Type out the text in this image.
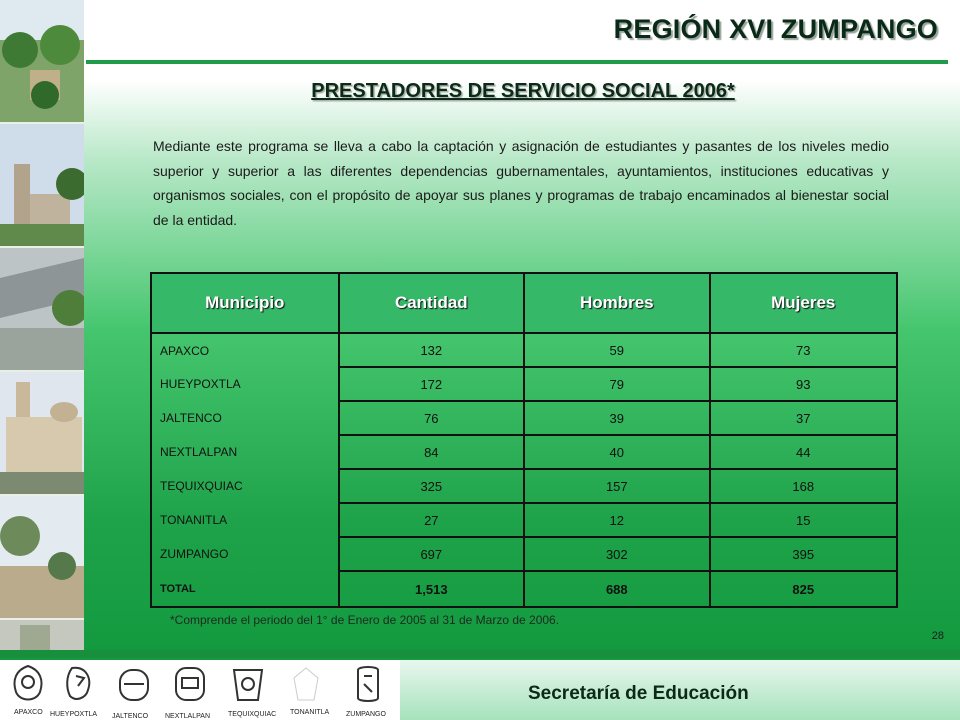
REGIÓN XVI ZUMPANGO
PRESTADORES DE SERVICIO SOCIAL 2006*

Mediante este programa se lleva a cabo la captación y asignación de estudiantes y pasantes de los niveles medio superior y superior a las diferentes dependencias gubernamentales, ayuntamientos, instituciones educativas y organismos sociales, con el propósito de apoyar sus planes y programas de trabajo encaminados al bienestar social de la entidad.

Municipio	Cantidad	Hombres	Mujeres
APAXCO	132	59	73
HUEYPOXTLA	172	79	93
JALTENCO	76	39	37
NEXTLALPAN	84	40	44
TEQUIXQUIAC	325	157	168
TONANITLA	27	12	15
ZUMPANGO	697	302	395
TOTAL	1,513	688	825
*Comprende el periodo del 1° de Enero de 2005 al 31 de Marzo de 2006.
28
APAXCO HUEYPOXTLA JALTENCO NEXTLALPAN	TEQUIXQUIAC TONANITLA ZUMPANGO
Secretaría de Educación
